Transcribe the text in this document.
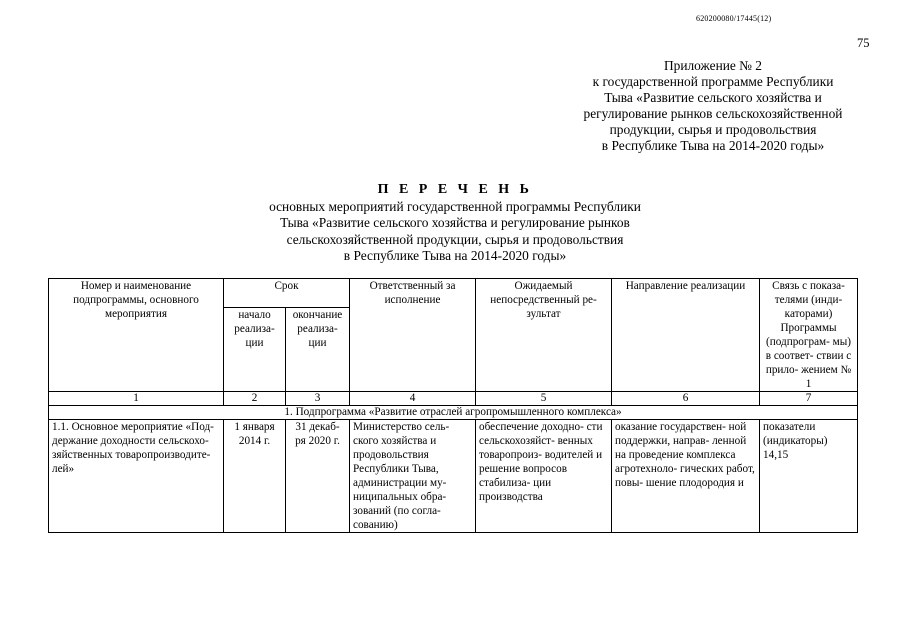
620200080/17445(12)
75
Приложение № 2
к государственной программе Республики
Тыва «Развитие сельского хозяйства и
регулирование рынков сельскохозяйственной
продукции, сырья и продовольствия
в Республике Тыва на 2014-2020 годы»
П Е Р Е Ч Е Н Ь
основных мероприятий государственной программы Республики
Тыва «Развитие сельского хозяйства и регулирование рынков
сельскохозяйственной продукции, сырья и продовольствия
в Республике Тыва на 2014-2020 годы»
Номер и наименование подпрограммы, основного мероприятия	Срок		Ответственный за исполнение	Ожидаемый непосредственный ре- зультат	Направление реализации	Связь с показа- телями (инди- каторами) Программы (подпрограм- мы) в соответ- ствии с прило- жением № 1
	начало реализа- ции	окончание реализа- ции				
1	2	3	4	5	6	7
1. Подпрограмма «Развитие отраслей агропромышленного комплекса»						
1.1. Основное мероприятие «Под- держание доходности сельскохо- зяйственных товаропроизводите- лей»	1 января 2014 г.	31 декаб- ря 2020 г.	Министерство сель- ского хозяйства и продовольствия Республики Тыва, администрации му- ниципальных обра- зований (по согла- сованию)	обеспечение доходно- сти сельскохозяйст- венных товаропроиз- водителей и решение вопросов стабилиза- ции производства	оказание государствен- ной поддержки, направ- ленной на проведение комплекса агротехноло- гических работ, повы- шение плодородия и	показатели (индикаторы) 14,15
